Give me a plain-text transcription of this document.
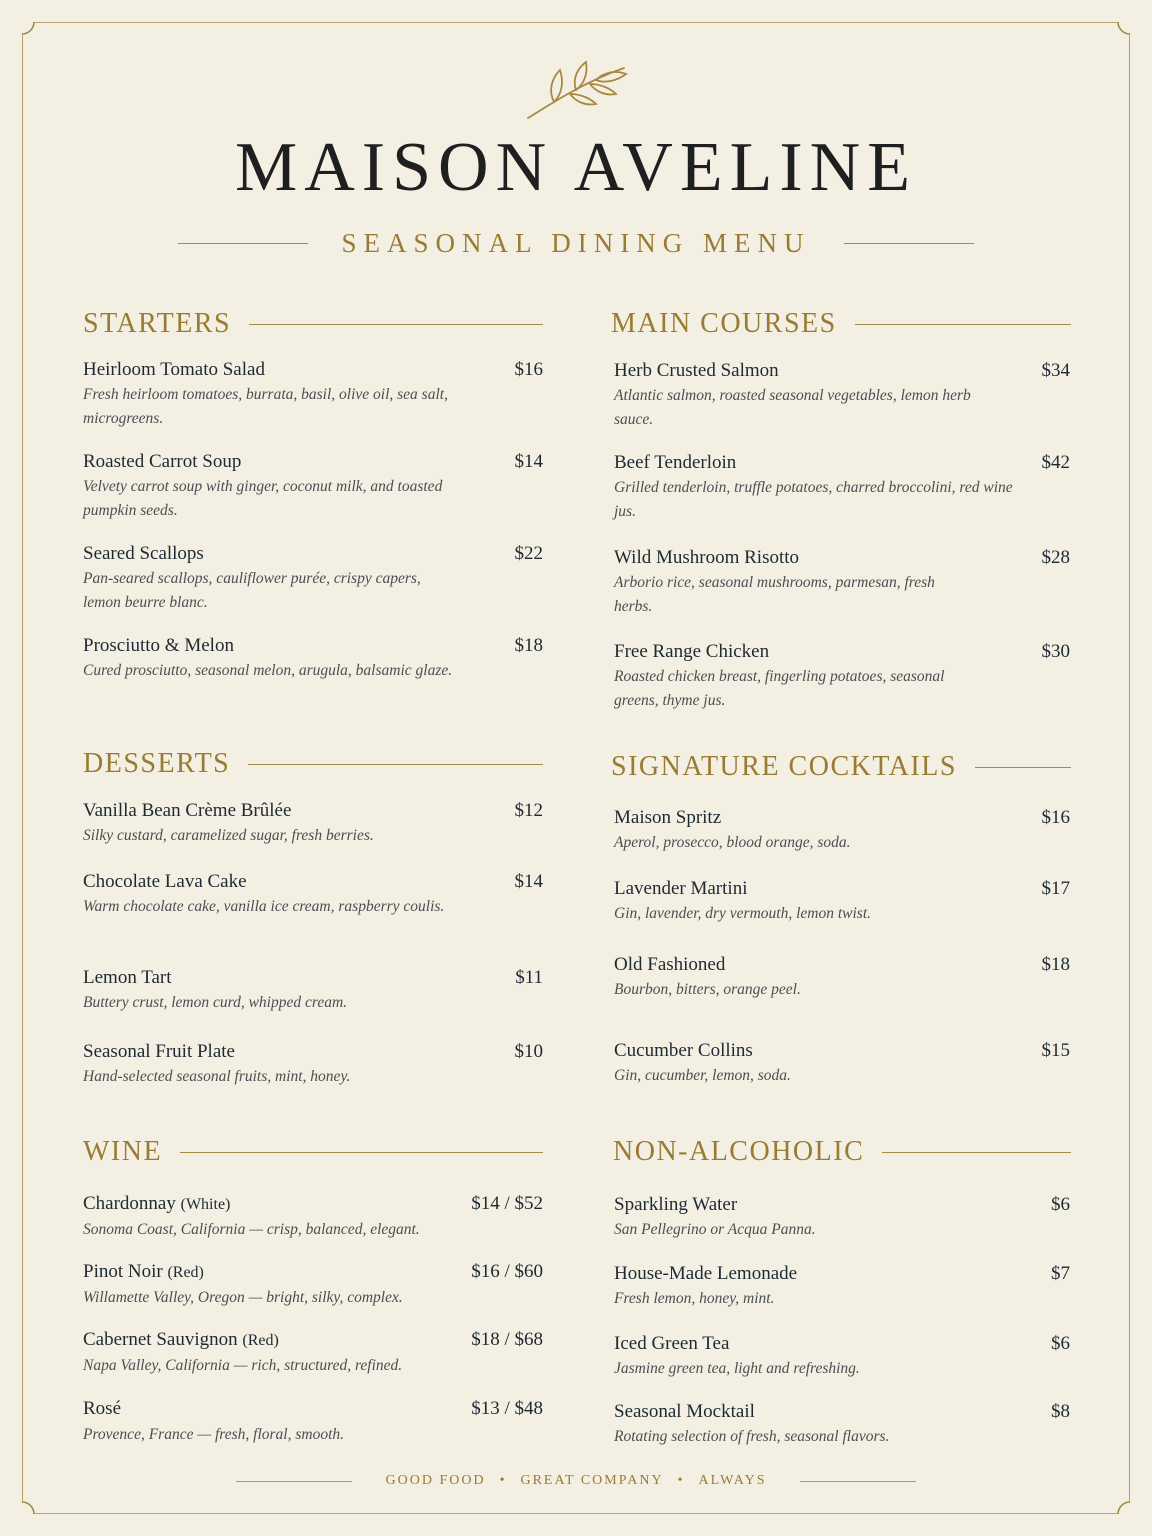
MAISON AVELINE
SEASONAL DINING MENU
STARTERS
Heirloom Tomato Salad	$16
Fresh heirloom tomatoes, burrata, basil, olive oil, sea salt, microgreens.
Roasted Carrot Soup	$14
Velvety carrot soup with ginger, coconut milk, and toasted pumpkin seeds.
Seared Scallops	$22
Pan-seared scallops, cauliflower purée, crispy capers, lemon beurre blanc.
Prosciutto & Melon	$18
Cured prosciutto, seasonal melon, arugula, balsamic glaze.
DESSERTS
Vanilla Bean Crème Brûlée	$12
Silky custard, caramelized sugar, fresh berries.
Chocolate Lava Cake	$14
Warm chocolate cake, vanilla ice cream, raspberry coulis.
Lemon Tart	$11
Buttery crust, lemon curd, whipped cream.
Seasonal Fruit Plate	$10
Hand-selected seasonal fruits, mint, honey.
WINE
Chardonnay (White)	$14 / $52
Sonoma Coast, California — crisp, balanced, elegant.
Pinot Noir (Red)	$16 / $60
Willamette Valley, Oregon — bright, silky, complex.
Cabernet Sauvignon (Red)	$18 / $68
Napa Valley, California — rich, structured, refined.
Rosé	$13 / $48
Provence, France — fresh, floral, smooth.
MAIN COURSES
Herb Crusted Salmon	$34
Atlantic salmon, roasted seasonal vegetables, lemon herb sauce.
Beef Tenderloin	$42
Grilled tenderloin, truffle potatoes, charred broccolini, red wine jus.
Wild Mushroom Risotto	$28
Arborio rice, seasonal mushrooms, parmesan, fresh herbs.
Free Range Chicken	$30
Roasted chicken breast, fingerling potatoes, seasonal greens, thyme jus.
SIGNATURE COCKTAILS
Maison Spritz	$16
Aperol, prosecco, blood orange, soda.
Lavender Martini	$17
Gin, lavender, dry vermouth, lemon twist.
Old Fashioned	$18
Bourbon, bitters, orange peel.
Cucumber Collins	$15
Gin, cucumber, lemon, soda.
NON-ALCOHOLIC
Sparkling Water	$6
San Pellegrino or Acqua Panna.
House-Made Lemonade	$7
Fresh lemon, honey, mint.
Iced Green Tea	$6
Jasmine green tea, light and refreshing.
Seasonal Mocktail	$8
Rotating selection of fresh, seasonal flavors.
GOOD FOOD • GREAT COMPANY • ALWAYS
